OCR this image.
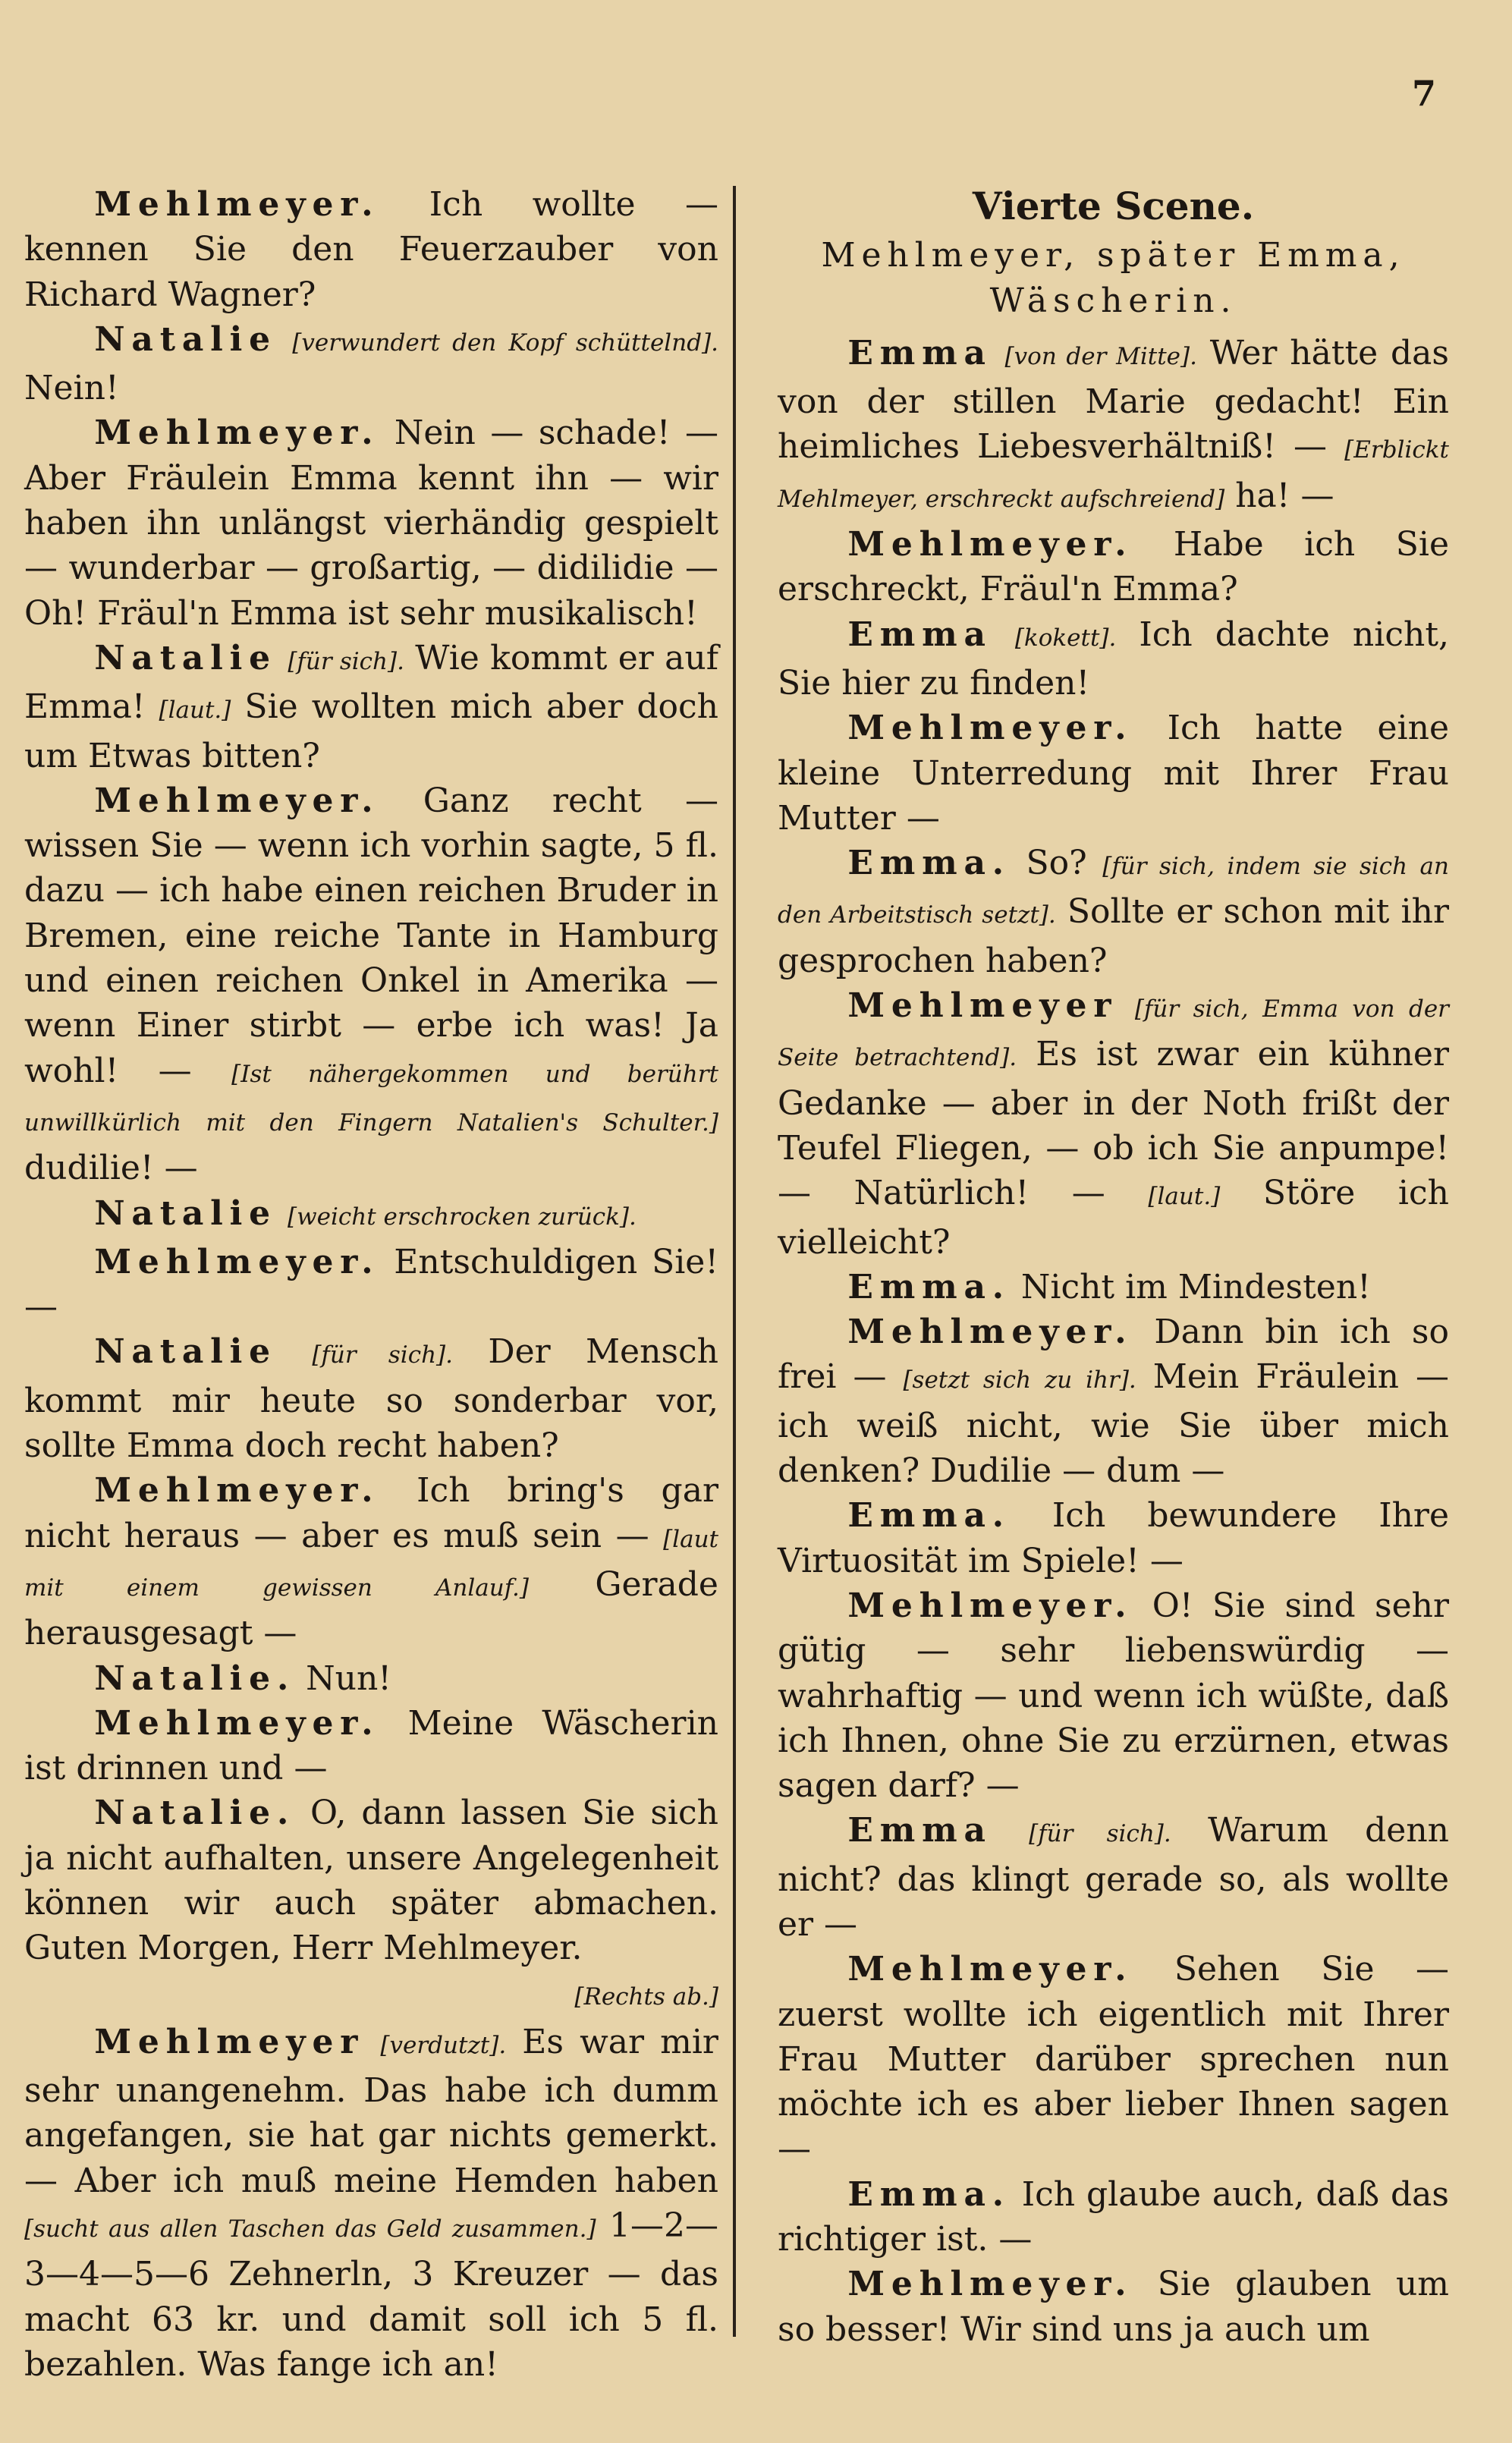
7

Mehlmeyer. Ich wollte — kennen Sie den Feuerzauber von Richard Wagner?

Natalie [verwundert den Kopf schüttelnd]. Nein!

Mehlmeyer. Nein — schade! — Aber Fräulein Emma kennt ihn — wir haben ihn unlängst vierhändig gespielt — wunderbar — großartig, — didilidie — Oh! Fräul'n Emma ist sehr musikalisch!

Natalie [für sich]. Wie kommt er auf Emma! [laut.] Sie wollten mich aber doch um Etwas bitten?

Mehlmeyer. Ganz recht — wissen Sie — wenn ich vorhin sagte, 5 fl. dazu — ich habe einen reichen Bruder in Bremen, eine reiche Tante in Hamburg und einen reichen Onkel in Amerika — wenn Einer stirbt — erbe ich was! Ja wohl! — [Ist nähergekommen und berührt unwillkürlich mit den Fingern Natalien's Schulter.] dudilie! —

Natalie [weicht erschrocken zurück].

Mehlmeyer. Entschuldigen Sie!—

Natalie [für sich]. Der Mensch kommt mir heute so sonderbar vor, sollte Emma doch recht haben?

Mehlmeyer. Ich bring's gar nicht heraus — aber es muß sein — [laut mit einem gewissen Anlauf.] Gerade herausgesagt —

Natalie. Nun!

Mehlmeyer. Meine Wäscherin ist drinnen und —

Natalie. O, dann lassen Sie sich ja nicht aufhalten, unsere Angelegenheit können wir auch später abmachen. Guten Morgen, Herr Mehlmeyer.

[Rechts ab.]

Mehlmeyer [verdutzt]. Es war mir sehr unangenehm. Das habe ich dumm angefangen, sie hat gar nichts gemerkt. — Aber ich muß meine Hemden haben [sucht aus allen Taschen das Geld zusammen.] 1—2—3—4—5—6 Zehnerln, 3 Kreuzer — das macht 63 kr. und damit soll ich 5 fl. bezahlen. Was fange ich an!

Vierte Scene.

Mehlmeyer, später Emma, Wäscherin.

Emma [von der Mitte]. Wer hätte das von der stillen Marie gedacht! Ein heimliches Liebesverhältniß! — [Erblickt Mehlmeyer, erschreckt aufschreiend] ha! —

Mehlmeyer. Habe ich Sie erschreckt, Fräul'n Emma?

Emma [kokett]. Ich dachte nicht, Sie hier zu finden!

Mehlmeyer. Ich hatte eine kleine Unterredung mit Ihrer Frau Mutter —

Emma. So? [für sich, indem sie sich an den Arbeitstisch setzt]. Sollte er schon mit ihr gesprochen haben?

Mehlmeyer [für sich, Emma von der Seite betrachtend]. Es ist zwar ein kühner Gedanke — aber in der Noth frißt der Teufel Fliegen, — ob ich Sie anpumpe! — Natürlich! — [laut.] Störe ich vielleicht?

Emma. Nicht im Mindesten!

Mehlmeyer. Dann bin ich so frei — [setzt sich zu ihr]. Mein Fräulein — ich weiß nicht, wie Sie über mich denken? Dudilie — dum —

Emma. Ich bewundere Ihre Virtuosität im Spiele! —

Mehlmeyer. O! Sie sind sehr gütig — sehr liebenswürdig — wahrhaftig — und wenn ich wüßte, daß ich Ihnen, ohne Sie zu erzürnen, etwas sagen darf? —

Emma [für sich]. Warum denn nicht? das klingt gerade so, als wollte er —

Mehlmeyer. Sehen Sie — zuerst wollte ich eigentlich mit Ihrer Frau Mutter darüber sprechen nun möchte ich es aber lieber Ihnen sagen —

Emma. Ich glaube auch, daß das richtiger ist. —

Mehlmeyer. Sie glauben um so besser! Wir sind uns ja auch um
